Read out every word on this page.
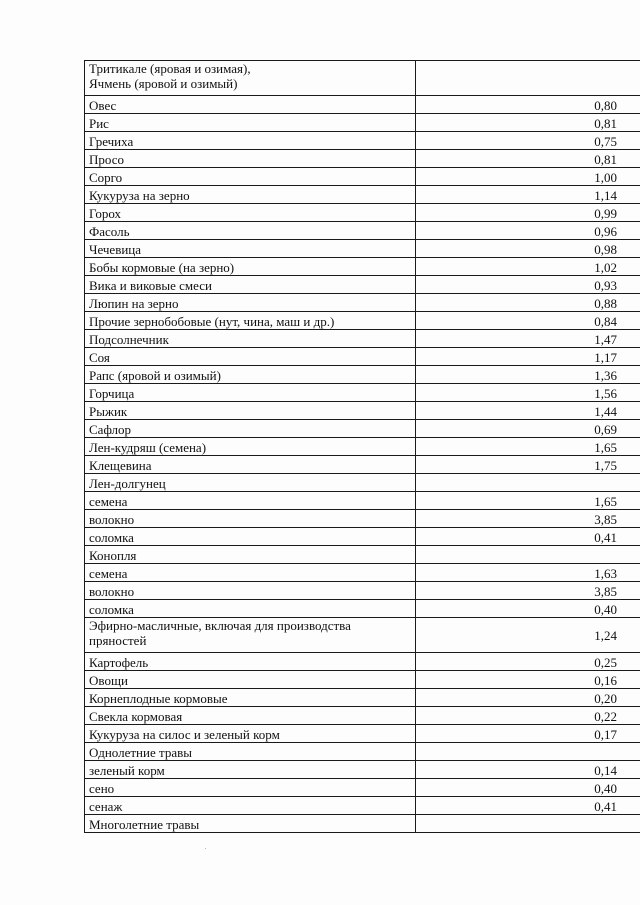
Тритикале (яровая и озимая),
Ячмень (яровой и озимый)	

Овес	0,80
Рис	0,81
Гречиха	0,75
Просо	0,81
Сорго	1,00
Кукуруза на зерно	1,14
Горох	0,99
Фасоль	0,96
Чечевица	0,98
Бобы кормовые (на зерно)	1,02
Вика и виковые смеси	0,93
Люпин на зерно	0,88
Прочие зернобобовые (нут, чина, маш и др.)	0,84
Подсолнечник	1,47
Соя	1,17
Рапс (яровой и озимый)	1,36
Горчица	1,56
Рыжик	1,44
Сафлор	0,69
Лен-кудряш (семена)	1,65
Клещевина	1,75
Лен-долгунец	
семена	1,65
волокно	3,85
соломка	0,41
Конопля	
семена	1,63
волокно	3,85
соломка	0,40

Эфирно-масличные, включая для производства
пряностей	1,24
Картофель	0,25
Овощи	0,16
Корнеплодные кормовые	0,20
Свекла кормовая	0,22
Кукуруза на силос и зеленый корм	0,17
Однолетние травы	
зеленый корм	0,14
сено	0,40
сенаж	0,41
Многолетние травы	
